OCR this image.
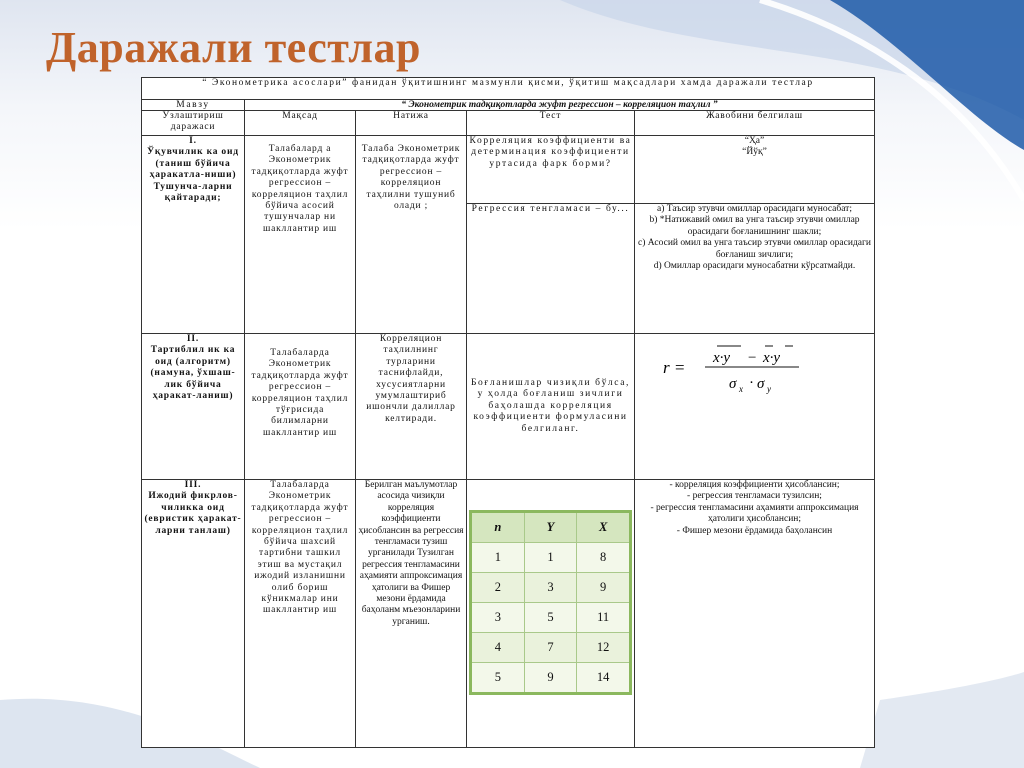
Даражали тестлар
“ Эконометрика асослари” фанидан ўқитишнинг мазмунли қисми, ўқитиш мақсадлари хамда даражали тестлар
Мавзу	“ Эконометрик тадқиқотларда жуфт регрессион – корреляцион таҳлил ”
Ўзлаштириш даражаси	Мақсад	Натижа	Тест	Жавобини белгилаш
I.
Ўқувчилик ка оид (таниш бўйича ҳаракатла-ниши) Тушунча-ларни қайтаради;	Талабалард а Эконометрик тадқиқотларда жуфт регрессион – корреляцион таҳлил бўйича асосий тушунчалар ни шакллантир иш	Талаба Эконометрик тадқиқотларда жуфт регрессион – корреляцион таҳлилни тушуниб олади ;	Корреляция коэффициенти ва детерминация коэффициенти уртасида фарк борми?	“Ҳа”
“Йўқ”
Регрессия тенгламаси – бу...	а) Таъсир этувчи омиллар орасидаги муносабат;
b) *Натижавий омил ва унга таъсир этувчи омиллар орасидаги боғланишнинг шакли;
с) Асосий омил ва унга таъсир этувчи омиллар орасидаги боғланиш зичлиги;
d) Омиллар орасидаги муносабатни кўрсатмайди.
II.
Тартиблил ик ка оид (алгоритм) (намуна, ўхшаш-лик бўйича ҳаракат-ланиш)	Талабаларда Эконометрик тадқиқотларда жуфт регрессион – корреляцион таҳлил тўғрисида билимларни шакллантир иш	Корреляцион таҳлилнинг турларини таснифлайди, хусусиятларни умумлаштириб ишончли далиллар келтиради.	Боғланишлар чизиқли бўлса, у ҳолда боғланиш зичлиги баҳолашда корреляция коэффициенти формуласини белгиланг.	
r = x·y − x·y
σ x · σ y

III.
Ижодий фикрлов-чиликка оид (евристик ҳаракат-ларни танлаш)	Талабаларда Эконометрик тадқиқотларда жуфт регрессион – корреляцион таҳлил бўйича шахсий тартибни ташкил этиш ва мустақил ижодий изланишни олиб бориш кўникмалар ини шакллантир иш	Берилган маълумотлар асосида чизиқли корреляция коэффициенти ҳисоблансин ва регрессия тенгламаси тузиш урганилади Тузилган регрессия тенгламасини аҳамияти аппроксимация ҳатолиги ва Фишер мезони ёрдамида баҳоланм мъезонларини урганиш.	
n	Y	X
1	1	8
2	3	9
3	5	11
4	7	12
5	9	14
	- корреляция коэффициенти ҳисоблансин;
- регрессия тенгламаси тузилсин;
- регрессия тенгламасини аҳамияти аппроксимация ҳатолиги ҳисоблансин;
- Фишер мезони ёрдамида баҳолансин
